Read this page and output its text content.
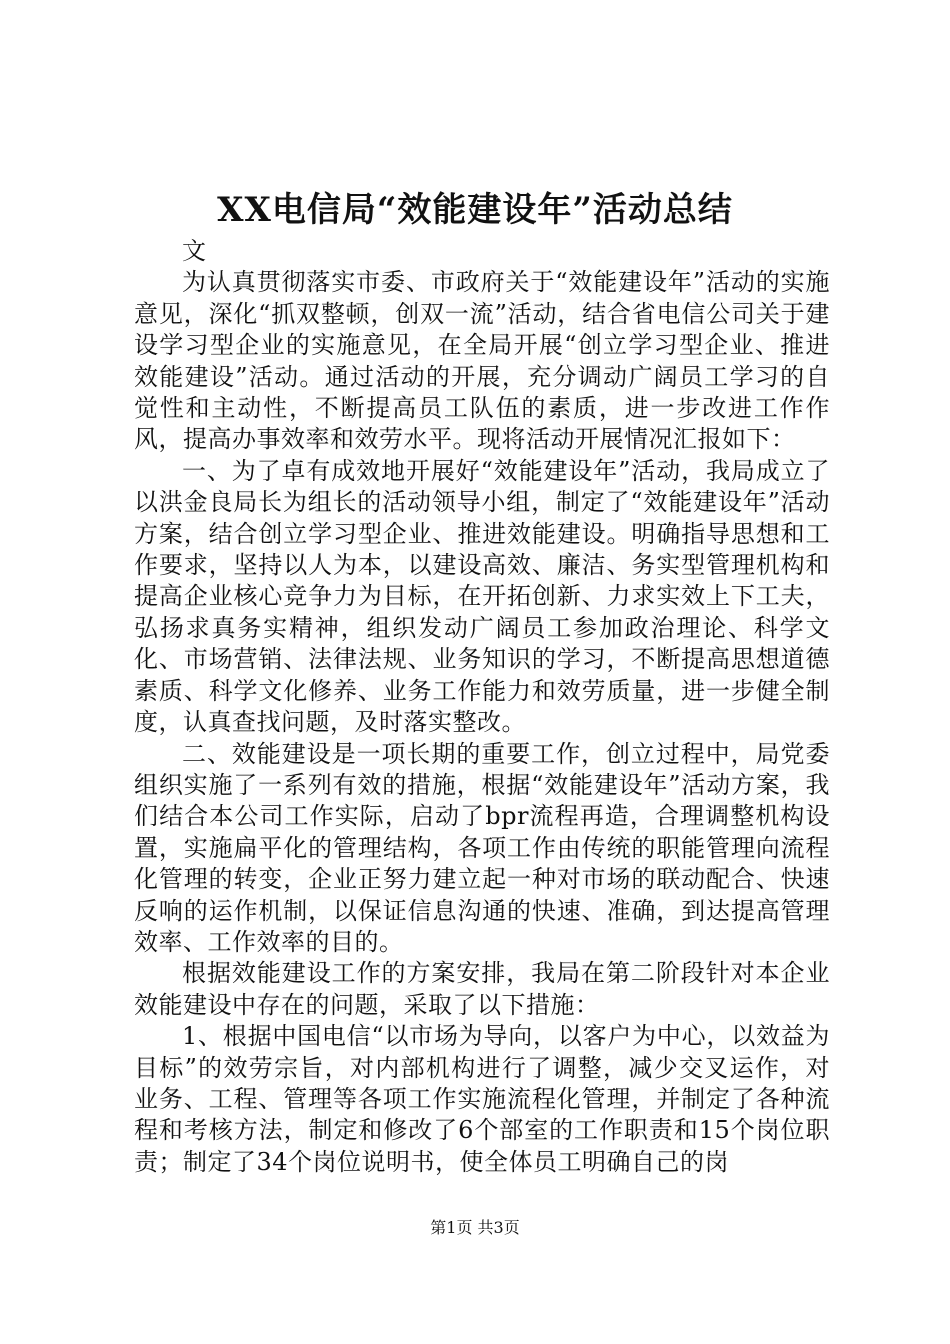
XX电信局“效能建设年”活动总结

文

为认真贯彻落实市委、市政府关于“效能建设年”活动的实施意见，深化“抓双整顿，创双一流”活动，结合省电信公司关于建设学习型企业的实施意见，在全局开展“创立学习型企业、推进效能建设”活动。通过活动的开展，充分调动广阔员工学习的自觉性和主动性，不断提高员工队伍的素质，进一步改进工作作风，提高办事效率和效劳水平。现将活动开展情况汇报如下：

一、为了卓有成效地开展好“效能建设年”活动，我局成立了以洪金良局长为组长的活动领导小组，制定了“效能建设年”活动方案，结合创立学习型企业、推进效能建设。明确指导思想和工作要求，坚持以人为本，以建设高效、廉洁、务实型管理机构和提高企业核心竞争力为目标，在开拓创新、力求实效上下工夫，弘扬求真务实精神，组织发动广阔员工参加政治理论、科学文化、市场营销、法律法规、业务知识的学习，不断提高思想道德素质、科学文化修养、业务工作能力和效劳质量，进一步健全制度，认真查找问题，及时落实整改。

二、效能建设是一项长期的重要工作，创立过程中，局党委组织实施了一系列有效的措施，根据“效能建设年”活动方案，我们结合本公司工作实际，启动了bpr流程再造，合理调整机构设置，实施扁平化的管理结构，各项工作由传统的职能管理向流程化管理的转变，企业正努力建立起一种对市场的联动配合、快速反响的运作机制，以保证信息沟通的快速、准确，到达提高管理效率、工作效率的目的。

根据效能建设工作的方案安排，我局在第二阶段针对本企业效能建设中存在的问题，采取了以下措施：

1、根据中国电信“以市场为导向，以客户为中心，以效益为目标”的效劳宗旨，对内部机构进行了调整，减少交叉运作，对业务、工程、管理等各项工作实施流程化管理，并制定了各种流程和考核方法，制定和修改了6个部室的工作职责和15个岗位职责；制定了34个岗位说明书，使全体员工明确自己的岗

第1页 共3页
